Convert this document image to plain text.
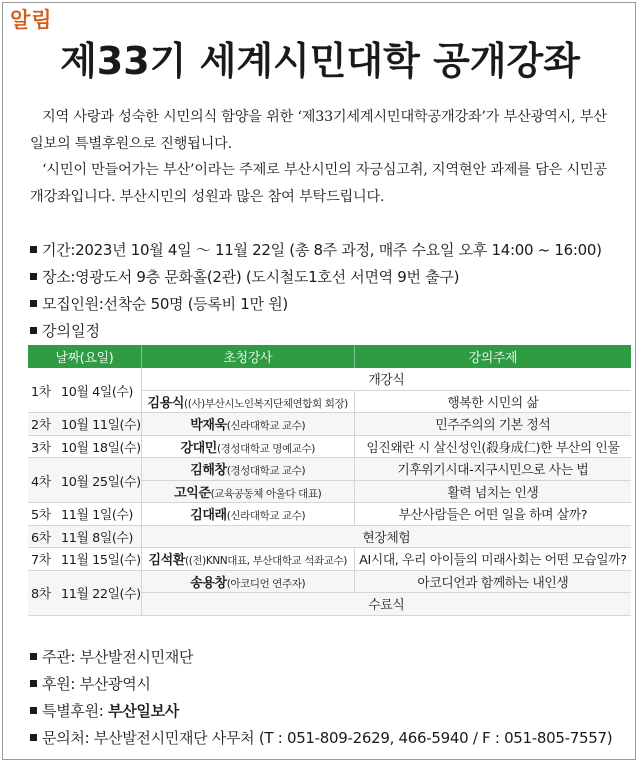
알림
제33기 세계시민대학 공개강좌

지역 사랑과 성숙한 시민의식 함양을 위한 ‘제33기세계시민대학공개강좌’가 부산광역시, 부산일보의 특별후원으로 진행됩니다.

‘시민이 만들어가는 부산’이라는 주제로 부산시민의 자긍심고취, 지역현안 과제를 담은 시민공개강좌입니다. 부산시민의 성원과 많은 참여 부탁드립니다.

기간 : 2023년 10월 4일 ～ 11월 22일 (총 8주 과정, 매주 수요일 오후 14:00 ~ 16:00)
장소 : 영광도서 9층 문화홀(2관) (도시철도1호선 서면역 9번 출구)
모집인원 : 선착순 50명 (등록비 1만 원)
강의일정
날짜(요일)		초청강사	강의주제
1차	10월 4일(수)	개강식	
		김용식((사)부산시노인복지단체연합회 회장)	행복한 시민의 삶
2차	10월 11일(수)	박재욱(신라대학교 교수)	민주주의의 기본 정석
3차	10월 18일(수)	강대민(경성대학교 명예교수)	임진왜란 시 살신성인(殺身成仁)한 부산의 인물
4차	10월 25일(수)	김해창(경성대학교 교수)	기후위기시대-지구시민으로 사는 법
		고익준(교육공동체 아울다 대표)	활력 넘치는 인생
5차	11월 1일(수)	김대래(신라대학교 교수)	부산사람들은 어떤 일을 하며 살까?
6차	11월 8일(수)	현장체험	
7차	11월 15일(수)	김석환((전)KNN대표, 부산대학교 석좌교수)	AI시대, 우리 아이들의 미래사회는 어떤 모습일까?
8차	11월 22일(수)	송용창(아코디언 연주자)	아코디언과 함께하는 내인생
		수료식	
주관 : 부산발전시민재단
후원 : 부산광역시
특별후원 : 부산일보사
문의처 : 부산발전시민재단 사무처 (T : 051-809-2629, 466-5940 / F : 051-805-7557)
